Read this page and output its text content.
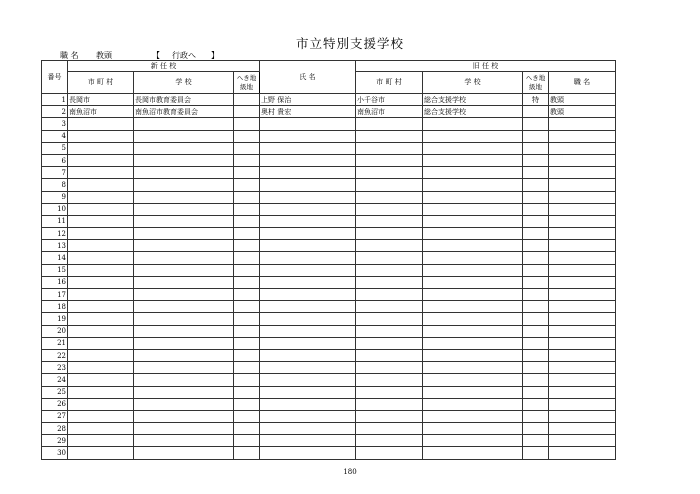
市立特別支援学校
職 名 教頭	【 行政へ 】
番号	新 任 校			氏 名	旧 任 校			
	市 町 村	学 校	へき地級地		市 町 村	学 校	へき地級地	職 名
1	長岡市	長岡市教育委員会		上野 保治	小千谷市	総合支援学校	特	教頭
2	南魚沼市	南魚沼市教育委員会		奥村 貴宏	南魚沼市	総合支援学校		教頭
3								
4								
5								
6								
7								
8								
9								
10								
11								
12								
13								
14								
15								
16								
17								
18								
19								
20								
21								
22								
23								
24								
25								
26								
27								
28								
29								
30								
180
